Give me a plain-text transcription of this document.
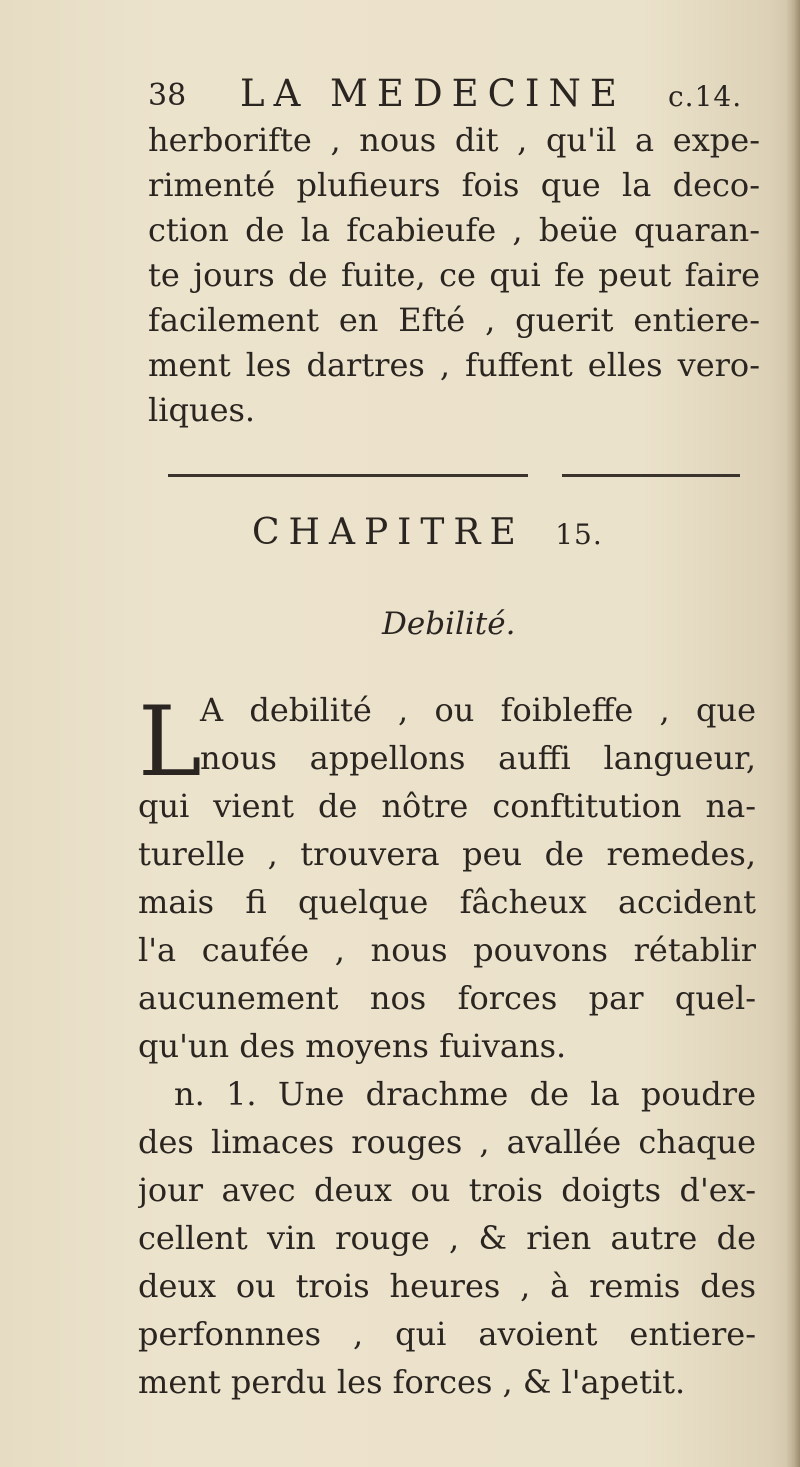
38 LA MEDECINE c.14.
herborifte , nous dit , qu'il a expe-
rimenté plufieurs fois que la deco-
ction de la fcabieufe , beüe quaran-
te jours de fuite, ce qui fe peut faire
facilement en Efté , guerit entiere-
ment les dartres , fuffent elles vero-
liques.
CHAPITRE 15.
Debilité.
L
A debilité , ou foibleffe , que
nous appellons auffi langueur,
qui vient de nôtre conftitution na-
turelle , trouvera peu de remedes,
mais fi quelque fâcheux accident
l'a caufée , nous pouvons rétablir
aucunement nos forces par quel-
qu'un des moyens fuivans.
n. 1. Une drachme de la poudre
des limaces rouges , avallée chaque
jour avec deux ou trois doigts d'ex-
cellent vin rouge , & rien autre de
deux ou trois heures , à remis des
perfonnnes , qui avoient entiere-
ment perdu les forces , & l'apetit.
